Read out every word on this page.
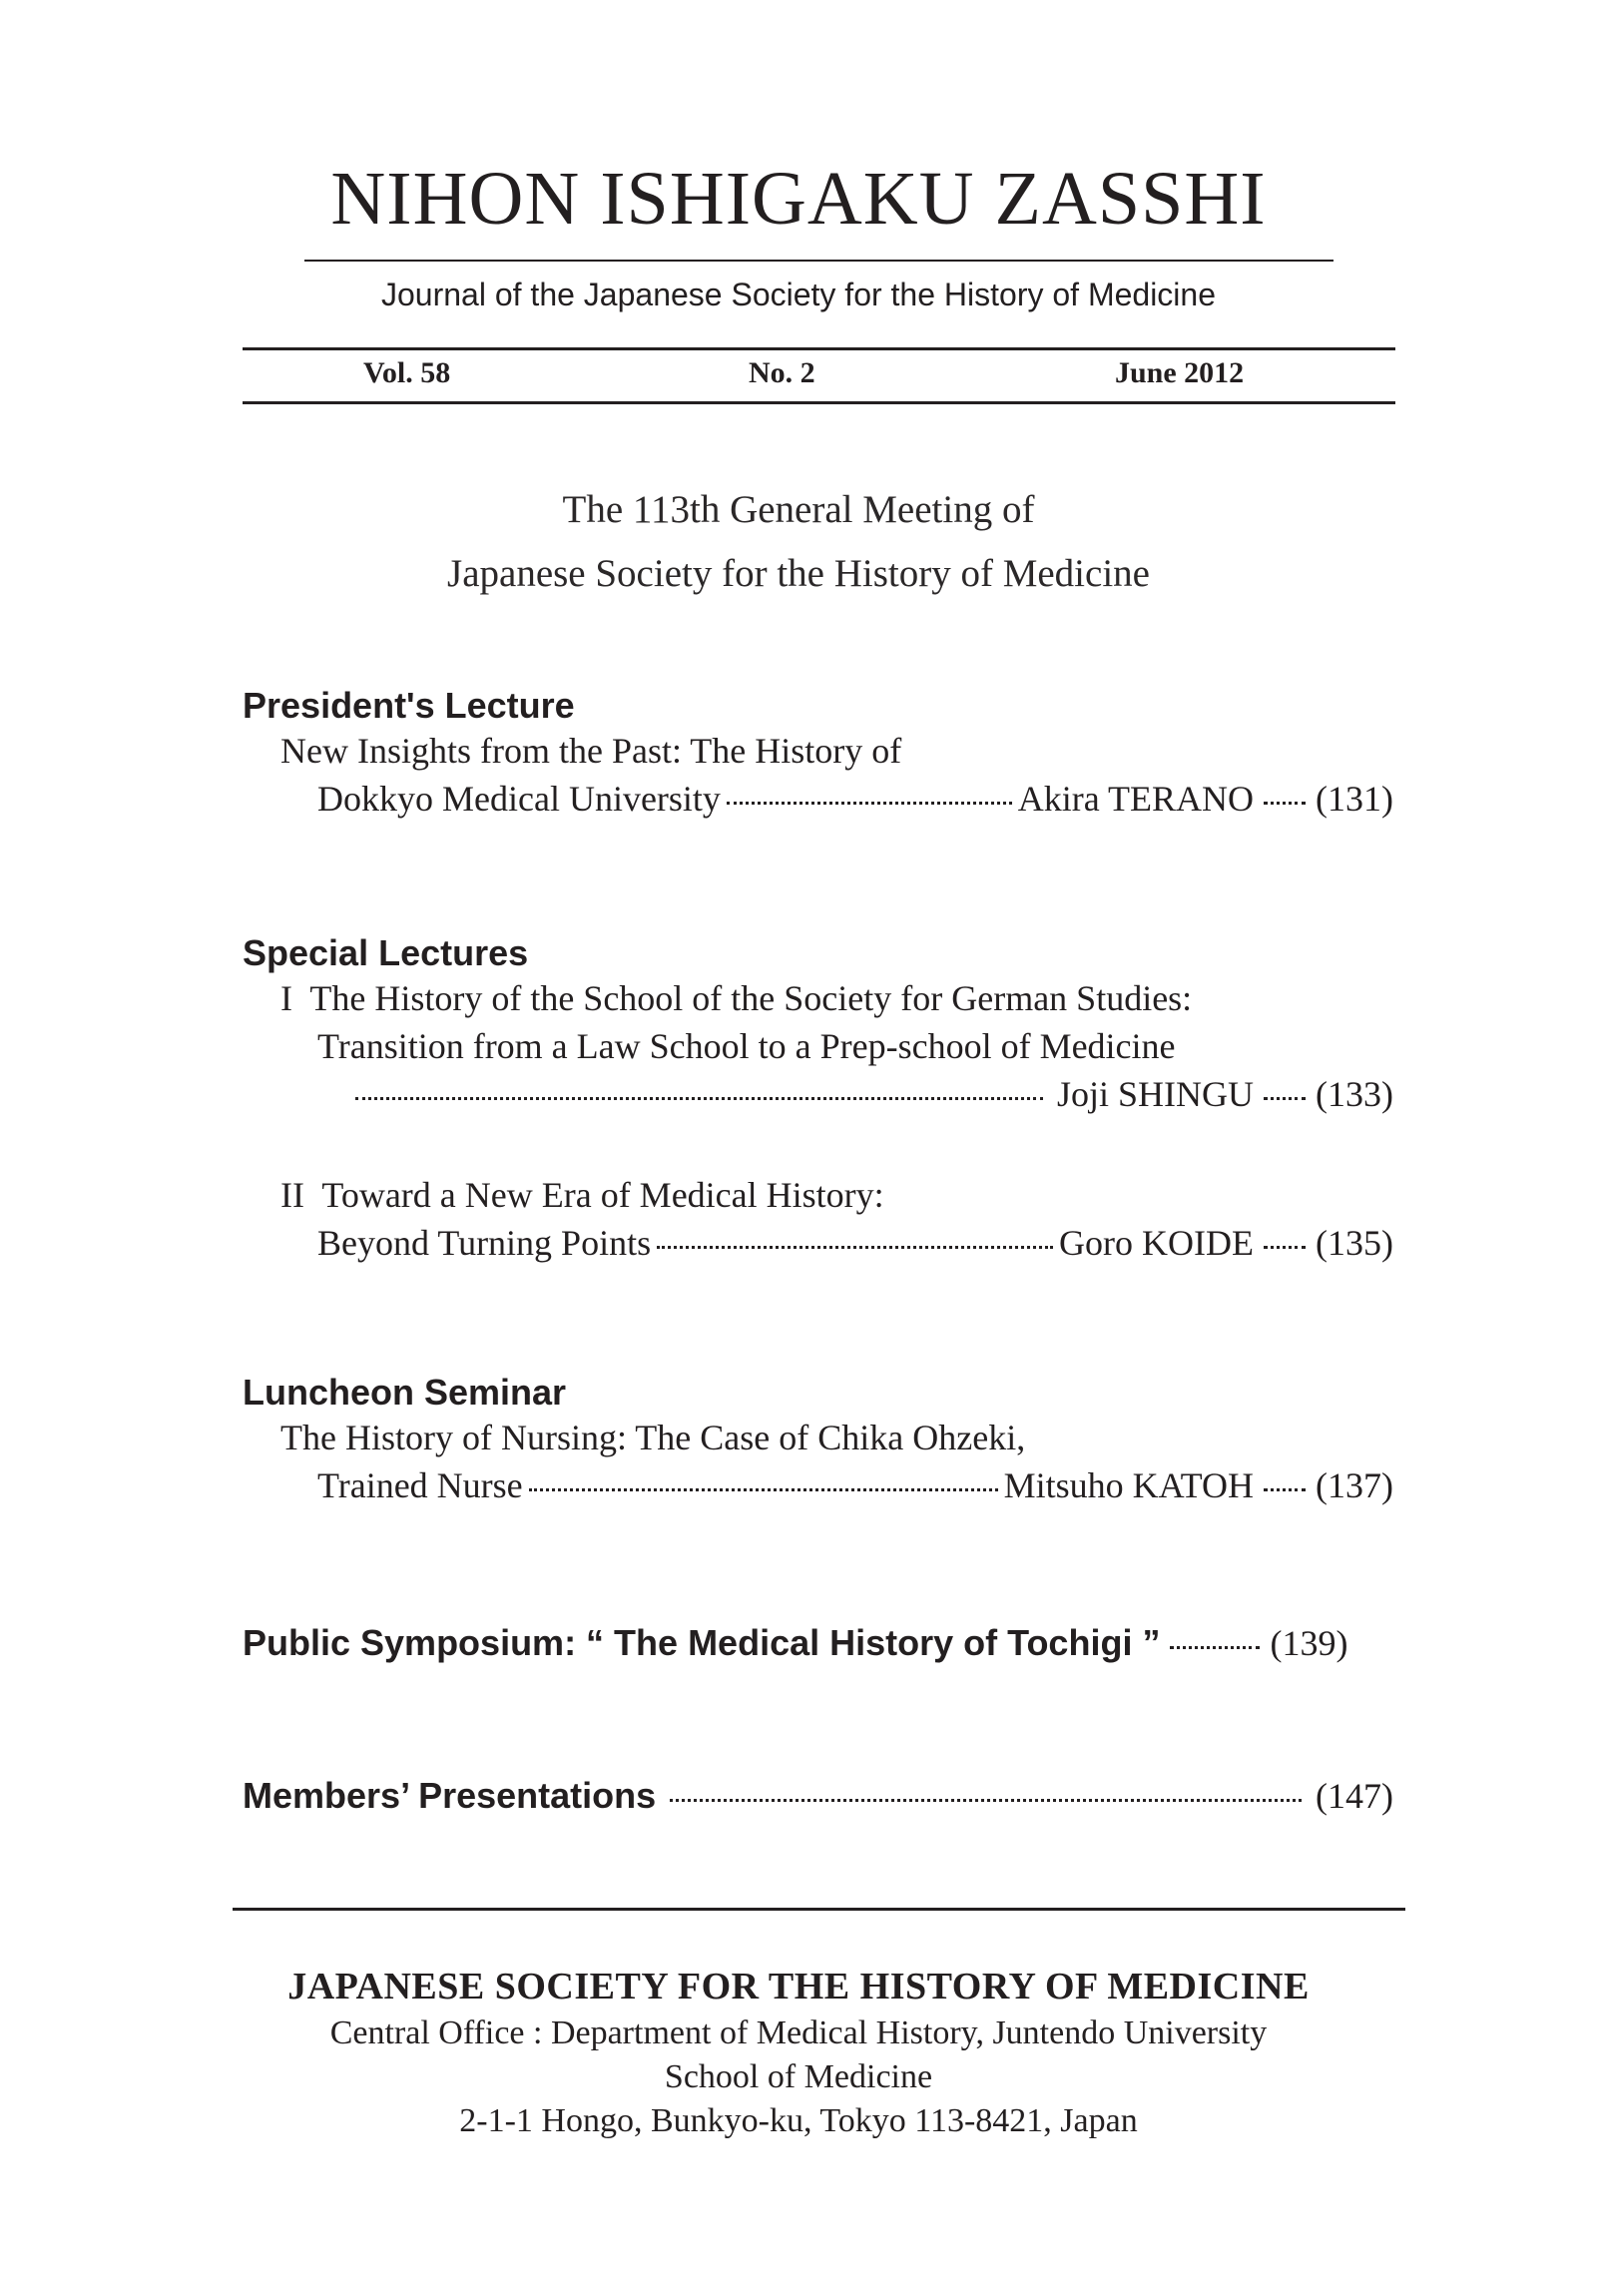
NIHON ISHIGAKU ZASSHI
Journal of the Japanese Society for the History of Medicine
Vol. 58	No. 2	June 2012
The 113th General Meeting of
Japanese Society for the History of Medicine
President's Lecture
New Insights from the Past: The History of
Dokkyo Medical University	Akira TERANO (131)
Special Lectures
I The History of the School of the Society for German Studies:
Transition from a Law School to a Prep-school of Medicine
Joji SHINGU (133)
II Toward a New Era of Medical History:
Beyond Turning Points	Goro KOIDE (135)
Luncheon Seminar
The History of Nursing: The Case of Chika Ohzeki,
Trained Nurse	Mitsuho KATOH (137)
Public Symposium: “ The Medical History of Tochigi ”	(139)
Members’ Presentations	(147)
JAPANESE SOCIETY FOR THE HISTORY OF MEDICINE
Central Office : Department of Medical History, Juntendo University
School of Medicine
2-1-1 Hongo, Bunkyo-ku, Tokyo 113-8421, Japan
